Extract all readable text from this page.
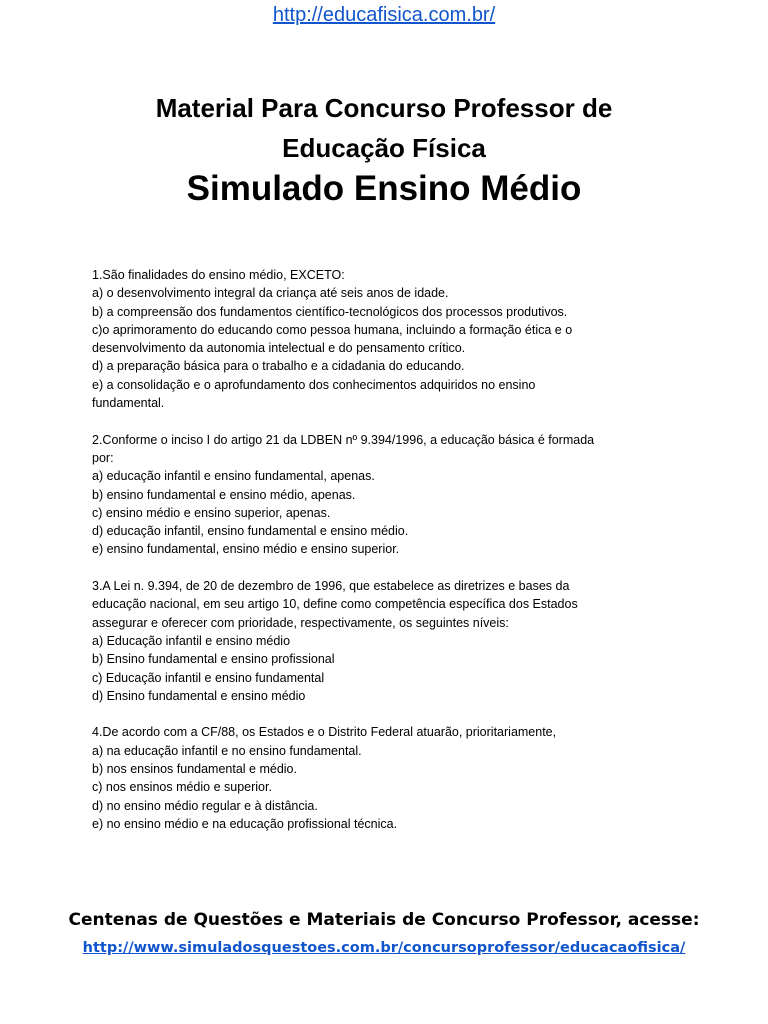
http://educafisica.com.br/
Material Para Concurso Professor de
Educação Física
Simulado Ensino Médio
1.São finalidades do ensino médio, EXCETO:
a) o desenvolvimento integral da criança até seis anos de idade.
b) a compreensão dos fundamentos científico-tecnológicos dos processos produtivos.
c)o aprimoramento do educando como pessoa humana, incluindo a formação ética e o
desenvolvimento da autonomia intelectual e do pensamento crítico.
d) a preparação básica para o trabalho e a cidadania do educando.
e) a consolidação e o aprofundamento dos conhecimentos adquiridos no ensino
fundamental.
2.Conforme o inciso I do artigo 21 da LDBEN nº 9.394/1996, a educação básica é formada
por:
a) educação infantil e ensino fundamental, apenas.
b) ensino fundamental e ensino médio, apenas.
c) ensino médio e ensino superior, apenas.
d) educação infantil, ensino fundamental e ensino médio.
e) ensino fundamental, ensino médio e ensino superior.
3.A Lei n. 9.394, de 20 de dezembro de 1996, que estabelece as diretrizes e bases da
educação nacional, em seu artigo 10, define como competência específica dos Estados
assegurar e oferecer com prioridade, respectivamente, os seguintes níveis:
a) Educação infantil e ensino médio
b) Ensino fundamental e ensino profissional
c) Educação infantil e ensino fundamental
d) Ensino fundamental e ensino médio
4.De acordo com a CF/88, os Estados e o Distrito Federal atuarão, prioritariamente,
a) na educação infantil e no ensino fundamental.
b) nos ensinos fundamental e médio.
c) nos ensinos médio e superior.
d) no ensino médio regular e à distância.
e) no ensino médio e na educação profissional técnica.
Centenas de Questões e Materiais de Concurso Professor, acesse:
http://www.simuladosquestoes.com.br/concursoprofessor/educacaofisica/
